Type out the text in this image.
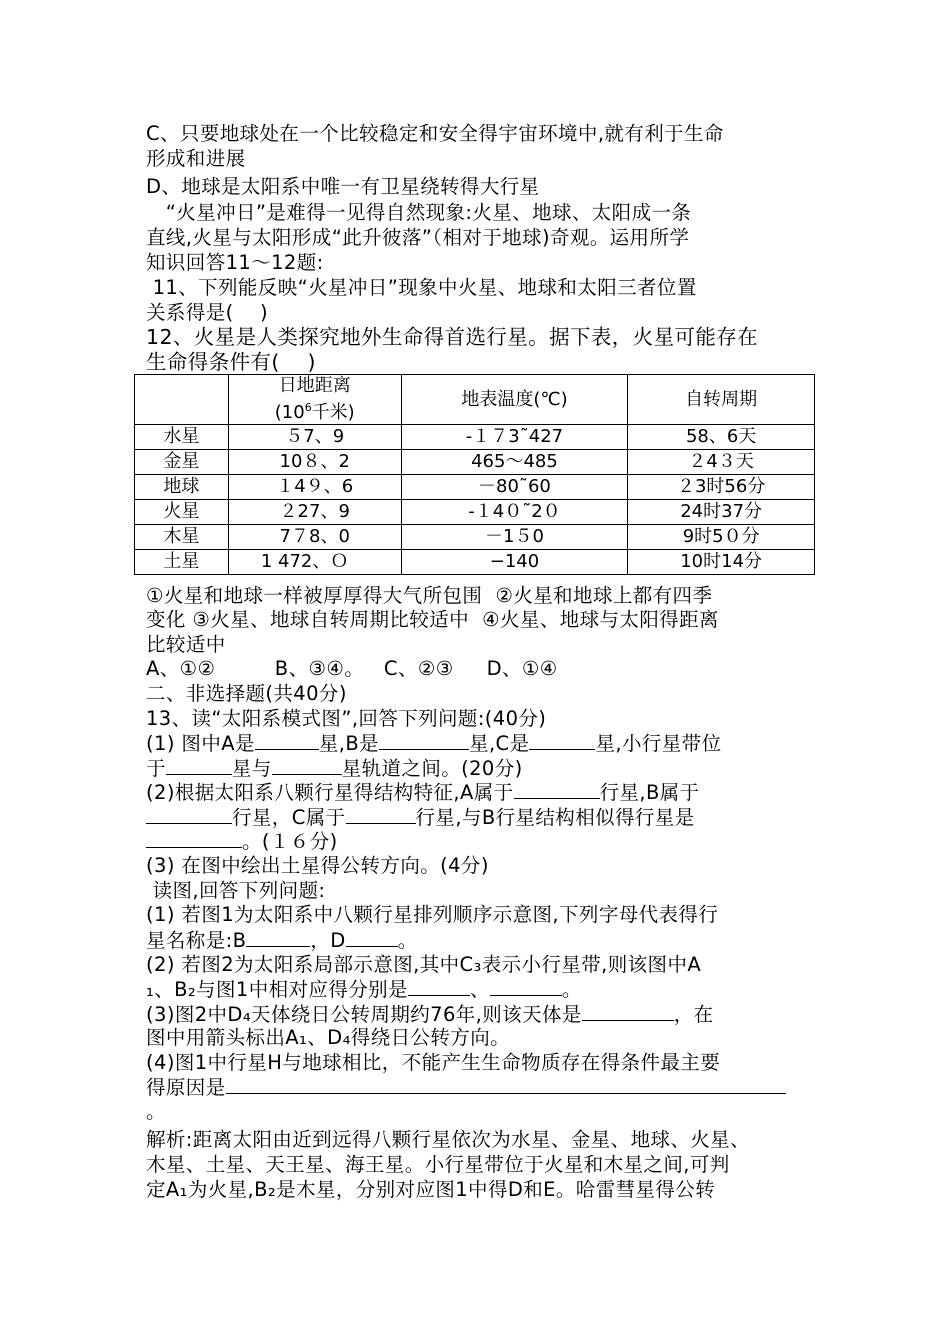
C、只要地球处在一个比较稳定和安全得宇宙环境中,就有利于生命
形成和进展
D、地球是太阳系中唯一有卫星绕转得大行星
“火星冲日”是难得一见得自然现象:火星、地球、太阳成一条
直线,火星与太阳形成“此升彼落”（相对于地球)奇观。运用所学
知识回答11～12题:
11、下列能反映“火星冲日”现象中火星、地球和太阳三者位置
关系得是(    )
12、火星是人类探究地外生命得首选行星。据下表，火星可能存在
生命得条件有(    )

	日地距离
($10^6$千米)	地表温度(℃)	自转周期
水星	５7、9	-１７3˜427	58、6天
金星	10８、2	465～485	２4３天
地球	１4９、6	－80˜60	２3时56分
火星	２27、9	-１4０˜2０	24时37分
木星	7７8、0	－1５0	9时5０分
土星	1 472、Ｏ	−140	10时14分
①火星和地球一样被厚厚得大气所包围  ②火星和地球上都有四季
变化 ③火星、地球自转周期比较适中  ④火星、地球与太阳得距离
比较适中
A、①②         B、③④。   C、②③     D、①④
二、非选择题(共40分)
13、读“太阳系模式图”,回答下列问题:(40分)
(1) 图中A是	星,B是	星,C是	星,小行星带位
于	星与	星轨道之间。(20分)
(2)根据太阳系八颗行星得结构特征,A属于	行星,B属于
行星，C属于	行星,与B行星结构相似得行星是
。(１６分)
(3) 在图中绘出土星得公转方向。(4分)
读图,回答下列问题:
(1) 若图1为太阳系中八颗行星排列顺序示意图,下列字母代表得行
星名称是:B	，D	。
(2) 若图2为太阳系局部示意图,其中C₃表示小行星带,则该图中A
₁、B₂与图1中相对应得分别是	、	。
(3)图2中D₄天体绕日公转周期约76年,则该天体是	，在
图中用箭头标出A₁、D₄得绕日公转方向。
(4)图1中行星H与地球相比，不能产生生命物质存在得条件最主要
得原因是
。
解析:距离太阳由近到远得八颗行星依次为水星、金星、地球、火星、
木星、土星、天王星、海王星。小行星带位于火星和木星之间,可判
定A₁为火星,B₂是木星，分别对应图1中得D和E。哈雷彗星得公转
